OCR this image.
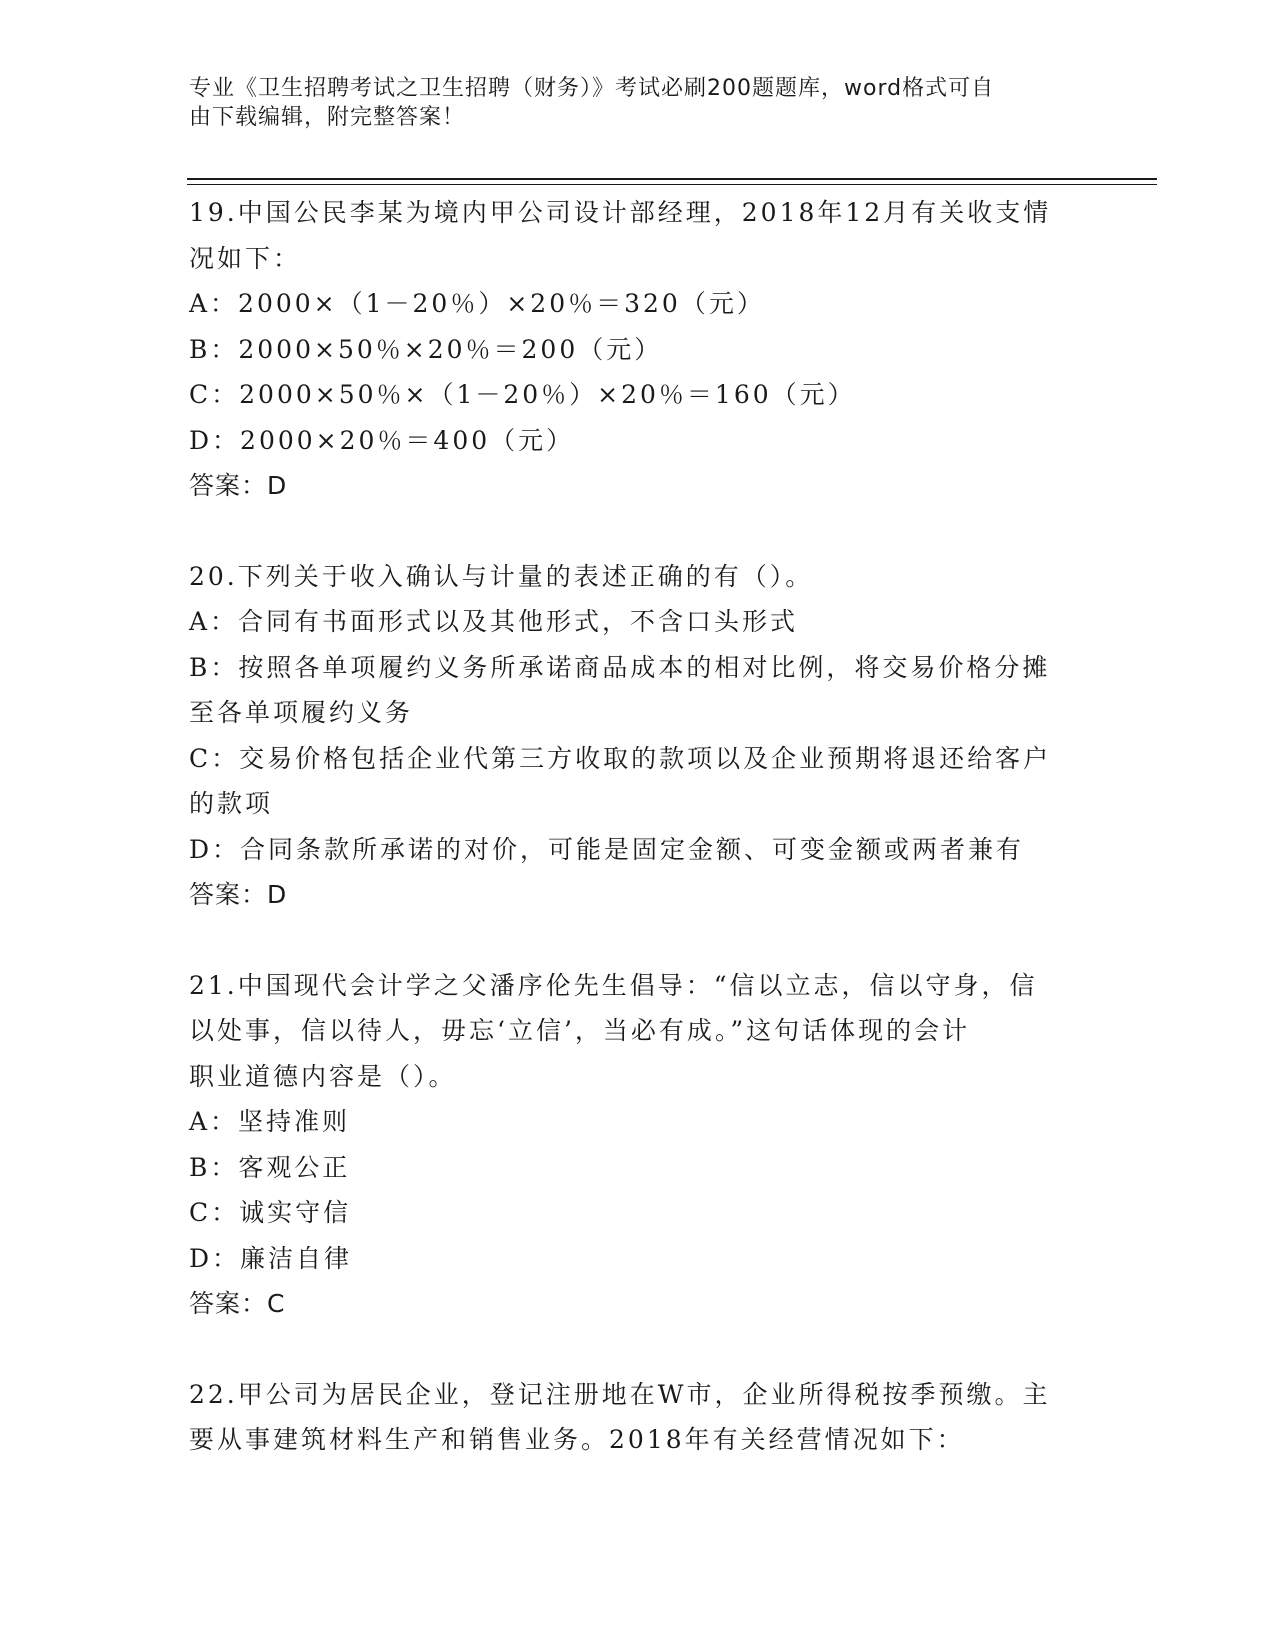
专业《卫生招聘考试之卫生招聘（财务）》考试必刷200题题库，word格式可自
由下载编辑，附完整答案！
19.中国公民李某为境内甲公司设计部经理，2018年12月有关收支情
况如下：
A：2000×（1－20％）×20％＝320（元）
B：2000×50％×20％＝200（元）
C：2000×50％×（1－20％）×20％＝160（元）
D：2000×20％＝400（元）
答案：D
20.下列关于收入确认与计量的表述正确的有（）。
A：合同有书面形式以及其他形式，不含口头形式
B：按照各单项履约义务所承诺商品成本的相对比例，将交易价格分摊
至各单项履约义务
C：交易价格包括企业代第三方收取的款项以及企业预期将退还给客户
的款项
D：合同条款所承诺的对价，可能是固定金额、可变金额或两者兼有
答案：D
21.中国现代会计学之父潘序伦先生倡导：“信以立志，信以守身，信
以处事，信以待人，毋忘‘立信’，当必有成。”这句话体现的会计
职业道德内容是（）。
A：坚持准则
B：客观公正
C：诚实守信
D：廉洁自律
答案：C
22.甲公司为居民企业，登记注册地在W市，企业所得税按季预缴。主
要从事建筑材料生产和销售业务。2018年有关经营情况如下：
